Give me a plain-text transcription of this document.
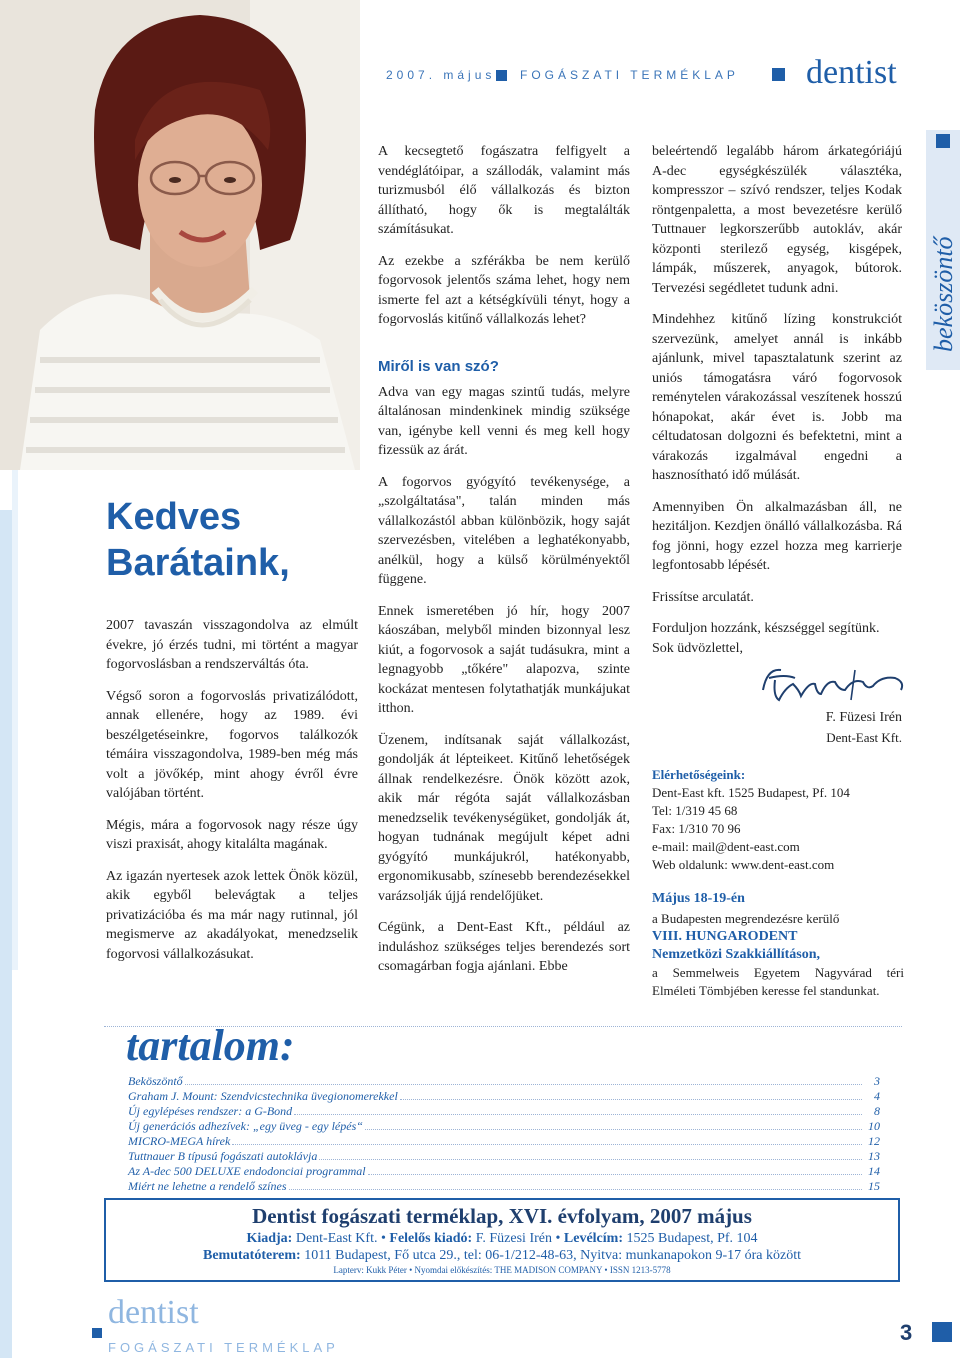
2007. május FOGÁSZATI TERMÉKLAP dentist
beköszöntő
Kedves
Barátaink,

2007 tavaszán visszagondolva az elmúlt évekre, jó érzés tudni, mi történt a magyar fogorvoslásban a rendszerváltás óta.

Végső soron a fogorvoslás privatizálódott, annak ellenére, hogy az 1989. évi beszélgetéseinkre, fogorvos találkozók témáira visszagondolva, 1989-ben még más volt a jövőkép, mint ahogy évről évre valójában történt.

Mégis, mára a fogorvosok nagy része úgy viszi praxisát, ahogy kitalálta magának.

Az igazán nyertesek azok lettek Önök közül, akik egyből belevágtak a teljes privatizációba és ma már nagy rutinnal, jól megismerve az akadályokat, menedzselik fogorvosi vállalkozásukat.

A kecsegtető fogászatra felfigyelt a vendéglátóipar, a szállodák, valamint más turizmusból élő vállalkozás és bizton állítható, hogy ők is megtalálták számításukat.

Az ezekbe a szférákba be nem kerülő fogorvosok jelentős száma lehet, hogy nem ismerte fel azt a kétségkívüli tényt, hogy a fogorvoslás kitűnő vállalkozás lehet?

Miről is van szó?

Adva van egy magas szintű tudás, melyre általánosan mindenkinek mindig szüksége van, igénybe kell venni és meg kell hogy fizessük az árát.

A fogorvos gyógyító tevékenysége, a „szolgáltatása", talán minden más vállalkozástól abban különbözik, hogy saját szervezésben, vitelében a leghatékonyabb, anélkül, hogy a külső körülményektől függene.

Ennek ismeretében jó hír, hogy 2007 káoszában, melyből minden bizonnyal lesz kiút, a fogorvosok a saját tudásukra, mint a legnagyobb „tőkére" alapozva, szinte kockázat mentesen folytathatják munkájukat itthon.

Üzenem, indítsanak saját vállalkozást, gondolják át lépteikeet. Kitűnő lehetőségek állnak rendelkezésre. Önök között azok, akik már régóta saját vállalkozásban menedzselik tevékenységüket, gondolják át, hogyan tudnának megújult képet adni gyógyító munkájukról, hatékonyabb, ergonomikusabb, színesebb berendezésekkel varázsolják újjá rendelőjüket.

Cégünk, a Dent-East Kft., például az induláshoz szükséges teljes berendezés sort csomagárban fogja ajánlani. Ebbe

beleértendő legalább három árkategóriájú A-dec egységkészülék választéka, kompresszor – szívó rendszer, teljes Kodak röntgenpaletta, a most bevezetésre kerülő Tuttnauer legkorszerűbb autokláv, akár központi sterilező egység, kisgépek, lámpák, műszerek, anyagok, bútorok. Tervezési segédletet tudunk adni.

Mindehhez kitűnő lízing konstrukciót szervezünk, amelyet annál is inkább ajánlunk, mivel tapasztalatunk szerint az uniós támogatásra váró fogorvosok reménytelen várakozással veszítenek hosszú hónapokat, akár évet is. Jobb ma céltudatosan dolgozni és befektetni, mint a várakozás izgalmával engedni a hasznosítható idő múlását.

Amennyiben Ön alkalmazásban áll, ne hezitáljon. Kezdjen önálló vállalkozásba. Rá fog jönni, hogy ezzel hozza meg karrierje legfontosabb lépését.

Frissítse arculatát.

Forduljon hozzánk, készséggel segítünk. Sok üdvözlettel,

F. Füzesi Irén
Dent-East Kft.

Elérhetőségeink:

Dent-East kft. 1525 Budapest, Pf. 104

Tel: 1/319 45 68

Fax: 1/310 70 96

e-mail: mail@dent-east.com

Web oldalunk: www.dent-east.com

Május 18-19-én

a Budapesten megrendezésre kerülő

VIII. HUNGARODENT

Nemzetközi Szakkiállításon,

a Semmelweis Egyetem Nagyvárad téri Elméleti Tömbjében keresse fel standunkat.

tartalom:
Beköszöntő	3
Graham J. Mount: Szendvicstechnika üvegionomerekkel	4
Új egylépéses rendszer: a G-Bond	8
Új generációs adhezívek: „egy üveg - egy lépés“	10
MICRO-MEGA hírek	12
Tuttnauer B típusú fogászati autoklávja	13
Az A-dec 500 DELUXE endodonciai programmal	14
Miért ne lehetne a rendelő színes	15
Dentist fogászati terméklap, XVI. évfolyam, 2007 május
Kiadja: Dent-East Kft. • Felelős kiadó: F. Füzesi Irén • Levélcím: 1525 Budapest, Pf. 104
Bemutatóterem: 1011 Budapest, Fő utca 29., tel: 06-1/212-48-63, Nyitva: munkanapokon 9-17 óra között
Lapterv: Kukk Péter • Nyomdai előkészítés: THE MADISON COMPANY • ISSN 1213-5778
dentist
FOGÁSZATI TERMÉKLAP
3
